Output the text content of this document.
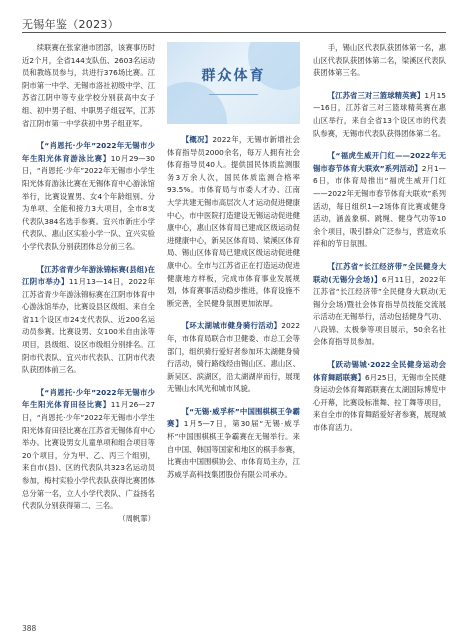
无锡年鉴（2023）

续联赛在张家港市团部，该赛事历时近2个月，全省144支队伍、2603名运动员和教练员参与，共进行376场比赛。江阴市第一中学、无锡市洛社初级中学、江苏省江阴中等专业学校分别获高中女子组、初中男子组、中职男子组冠军，江苏省江阴市第一中学获初中男子组亚军。

【“肖恩托·少年”2022年无锡市少年生阳光体育游泳比赛】10月29—30日，“肖恩托·少年”2022年无锡市小学生阳光体育游泳比赛在无锡体育中心游泳馆举行，比赛设置男、女4个年龄组别、分为单项、全能和接力3大项目，全市8支代表队384名选手参赛。宜兴市新庄小学代表队、惠山区实验小学一队、宜兴实验小学代表队分别获团体总分前三名。

【江苏省青少年游泳锦标赛(县组)在江阴市举办】11月13—14日，2022年江苏省青少年游泳锦标赛在江阴市体育中心游泳馆举办，比赛设县区级组、来自全省11个设区市24支代表队、近200名运动员参赛。比赛设男、女100米自由泳等项目，县级组、设区市级组分别排名。江阴市代表队、宜兴市代表队、江阴市代表队获团体前三名。

【“肖恩托·少年”2022年无锡市少年生阳光体育田径比赛】11月26—27日，“肖恩托·少年”2022年无锡市小学生阳光体育田径比赛在江苏省无锡体育中心举办。比赛设男女儿童单项和组合项目等20个项目，分为甲、乙、丙三个组别，来自市(县)、区的代表队共323名运动员参加，梅村实验小学代表队获得比赛团体总分第一名，立人小学代表队、广益扬名代表队分别获得第二、三名。

（周帆霏）

群众体育

【概况】2022年，无锡市新增社会体育指导员2000余名，每万人拥有社会体育指导员40人。提供国民体质监测服务3万余人次，国民体质监测合格率93.5%。市体育局与市委人才办、江南大学共建无锡市高层次人才运动促进健康中心，市中医院打造建设无锡运动促进健康中心，惠山区体育局已建成区级运动促进健康中心，新吴区体育局、梁溪区体育局、锡山区体育局已建成区级运动促进健康中心。全市与江苏省正在打造运动促进健康地方样板，完成市体育事业发展规划，体育赛事活动稳步推进，体育设施不断完善，全民健身氛围更加浓厚。

【环太湖城市健身骑行活动】2022年，市体育局联合市卫健委、市总工会等部门，组织骑行爱好者参加环太湖健身骑行活动，骑行路线经由锡山区、惠山区、新吴区、滨湖区，沿太湖湖岸而行，展现无锡山水风光和城市风貌。

【“无锡·威孚杯”中国围棋棋王争霸赛】1月5—7日，第30届“无锡·威孚杯”中国围棋棋王争霸赛在无锡举行。来自中国、韩国等国家和地区的棋手参赛，比赛由中国围棋协会、市体育局主办，江苏威孚高科技集团股份有限公司承办。

手，锡山区代表队获团体第一名，惠山区代表队获团体第二名，梁溪区代表队获团体第三名。

【江苏省三对三篮球精英赛】1月15—16日，江苏省三对三篮球精英赛在惠山区举行，来自全省13个设区市的代表队参赛，无锡市代表队获得团体第二名。

【“福虎生威开门红——2022年无锡市春节体育大联欢”系列活动】2月1—6日，市体育局推出“福虎生威开门红——2022年无锡市春节体育大联欢”系列活动，每日组织1—2场体育比赛或健身活动，涵盖象棋、跳绳、健身气功等10余个项目，吸引群众广泛参与，营造欢乐祥和的节日氛围。

【江苏省“长江经济带”全民健身大联动(无锡分会场)】6月11日，2022年江苏省“长江经济带”全民健身大联动(无锡分会场)暨社会体育指导员技能交流展示活动在无锡举行，活动包括健身气功、八段锦、太极拳等项目展示，50余名社会体育指导员参加。

【跃动锡城·2022全民健身运动会体育舞蹈联赛】6月25日，无锡市全民健身运动会体育舞蹈联赛在太湖国际博览中心开幕，比赛设标准舞、拉丁舞等项目，来自全市的体育舞蹈爱好者参赛，展现城市体育活力。

388
